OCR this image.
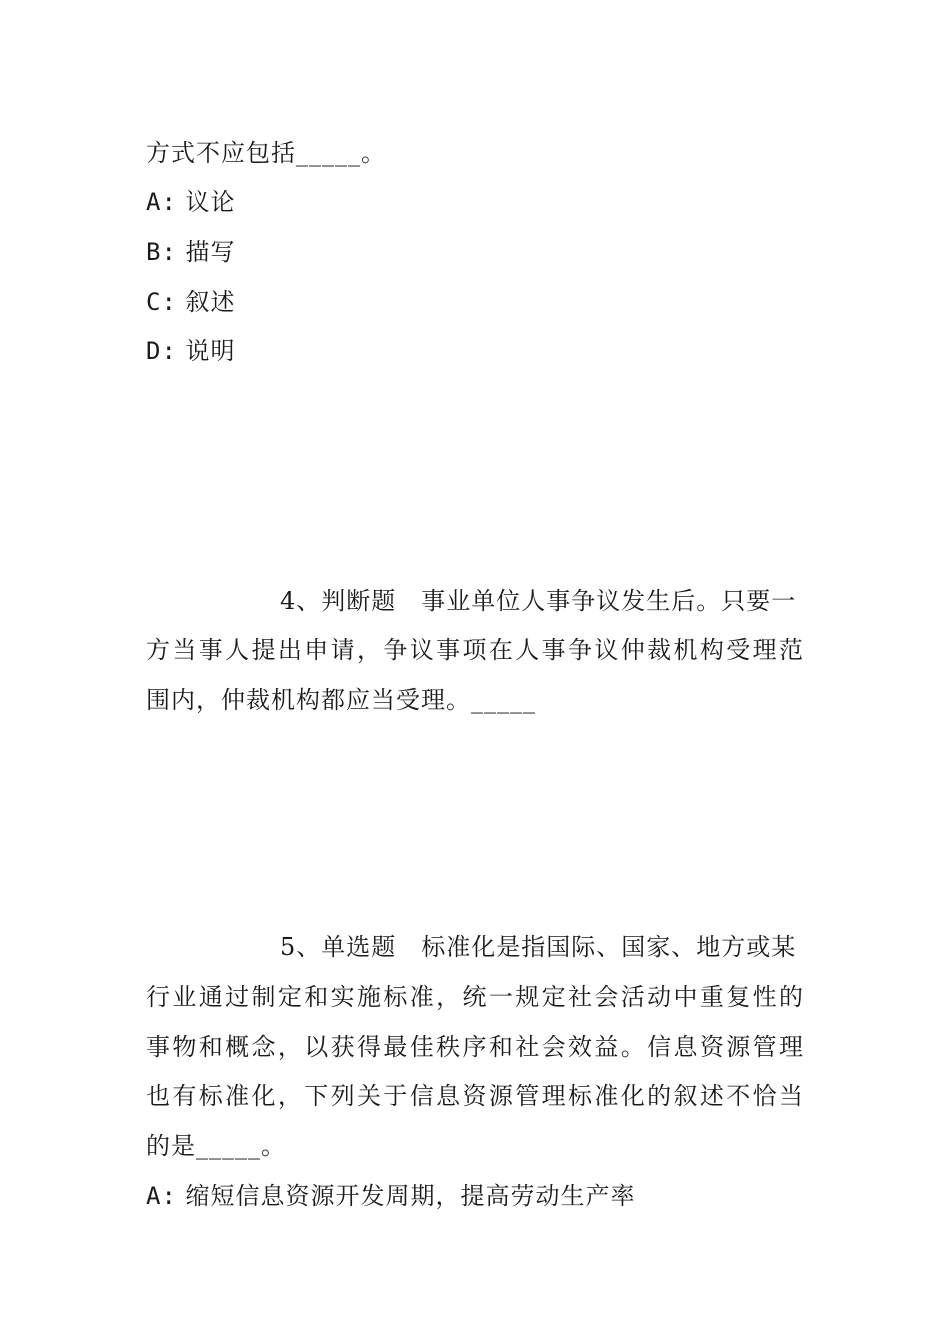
方式不应包括_____。
A: 议论
B: 描写
C: 叙述
D: 说明
4、判断题　事业单位人事争议发生后。只要一
方当事人提出申请，争议事项在人事争议仲裁机构受理范
围内，仲裁机构都应当受理。_____
5、单选题　标准化是指国际、国家、地方或某
行业通过制定和实施标准，统一规定社会活动中重复性的
事物和概念，以获得最佳秩序和社会效益。信息资源管理
也有标准化，下列关于信息资源管理标准化的叙述不恰当
的是_____。
A: 缩短信息资源开发周期，提高劳动生产率
